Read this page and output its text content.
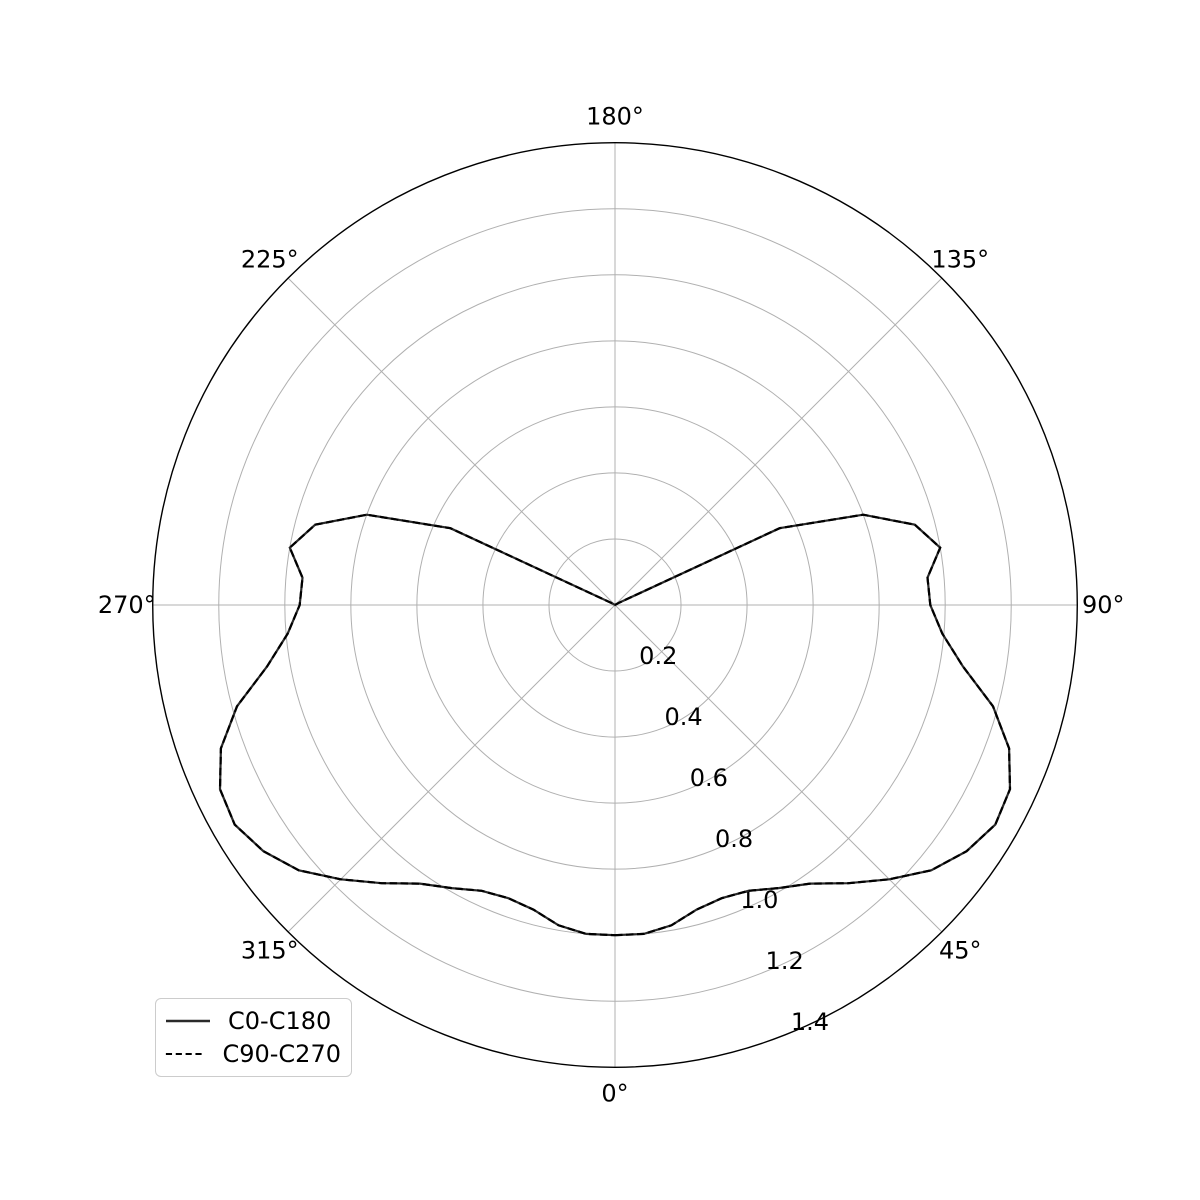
0°
45°
90°
135°
180°
225°
270°
315°
0.2
0.4
0.6
0.8
1.0
1.2
1.4
C0-C180
C90-C270
